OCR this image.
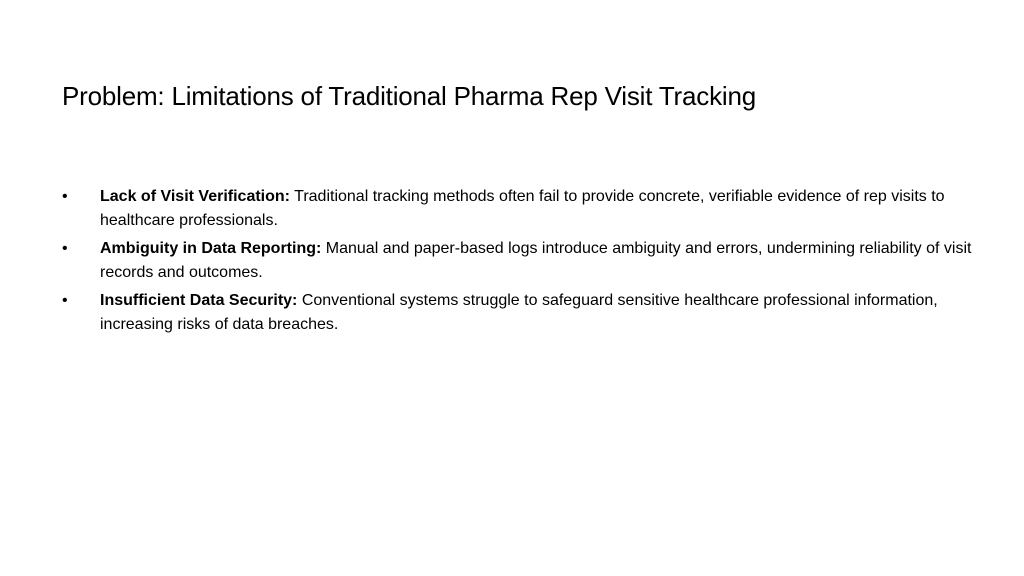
Problem: Limitations of Traditional Pharma Rep Visit Tracking
•	Lack of Visit Verification: Traditional tracking methods often fail to provide concrete, verifiable evidence of rep visits to healthcare professionals.
•	Ambiguity in Data Reporting: Manual and paper-based logs introduce ambiguity and errors, undermining reliability of visit records and outcomes.
•	Insufficient Data Security: Conventional systems struggle to safeguard sensitive healthcare professional information, increasing risks of data breaches.
